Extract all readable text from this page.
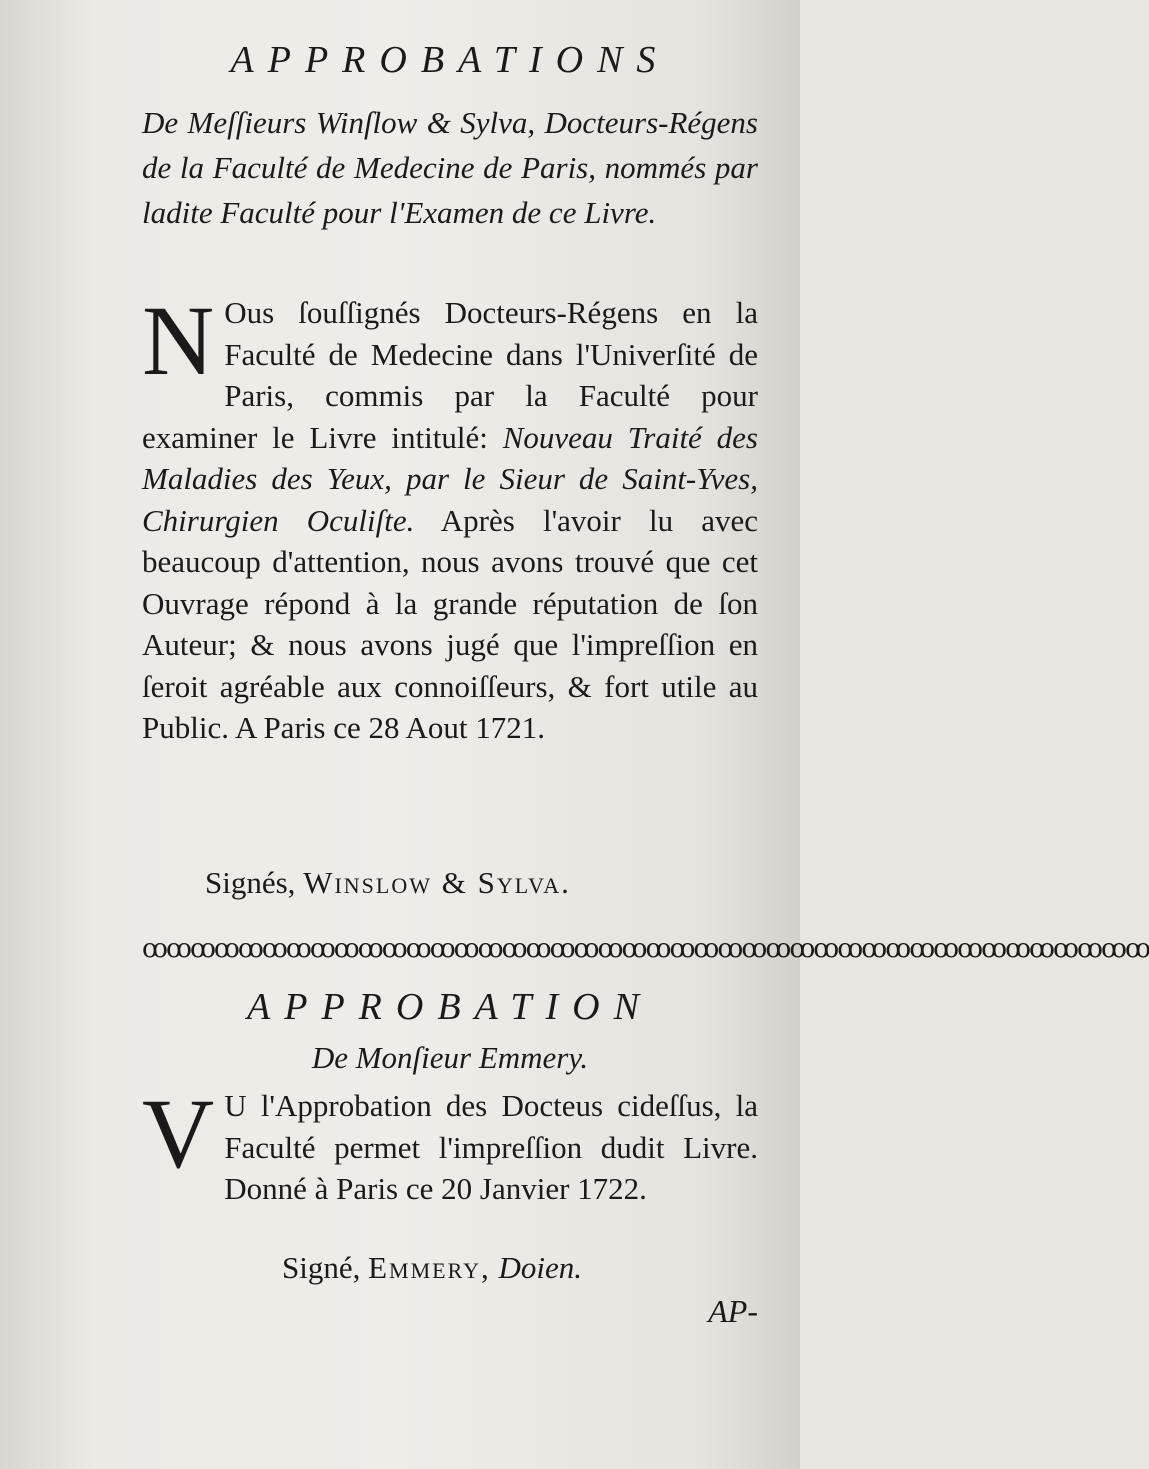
APPROBATIONS
De Meſſieurs Winſlow & Sylva, Docteurs-Régens de la Faculté de Medecine de Paris, nommés par ladite Faculté pour l'Examen de ce Livre.
N Ous ſouſſignés Docteurs-Régens en la Faculté de Medecine dans l'Univerſité de Paris, commis par la Faculté pour examiner le Livre intitulé: Nouveau Traité des Maladies des Yeux, par le Sieur de Saint-Yves, Chirurgien Oculiſte. Après l'avoir lu avec beaucoup d'attention, nous avons trouvé que cet Ouvrage répond à la grande réputation de ſon Auteur; & nous avons jugé que l'impreſſion en ſeroit agréable aux connoiſſeurs, & fort utile au Public. A Paris ce 28 Aout 1721.
Signés, Winslow & Sylva.
ꝏꝏꝏꝏꝏꝏꝏꝏꝏꝏꝏꝏꝏꝏꝏꝏꝏꝏꝏꝏꝏꝏꝏꝏꝏꝏꝏꝏꝏꝏꝏꝏꝏꝏꝏꝏꝏꝏꝏꝏꝏꝏ
APPROBATION
De Monſieur Emmery.
V U l'Approbation des Docteus cideſſus, la Faculté permet l'impreſſion dudit Livre. Donné à Paris ce 20 Janvier 1722.
Signé, Emmery, Doien.
AP-
